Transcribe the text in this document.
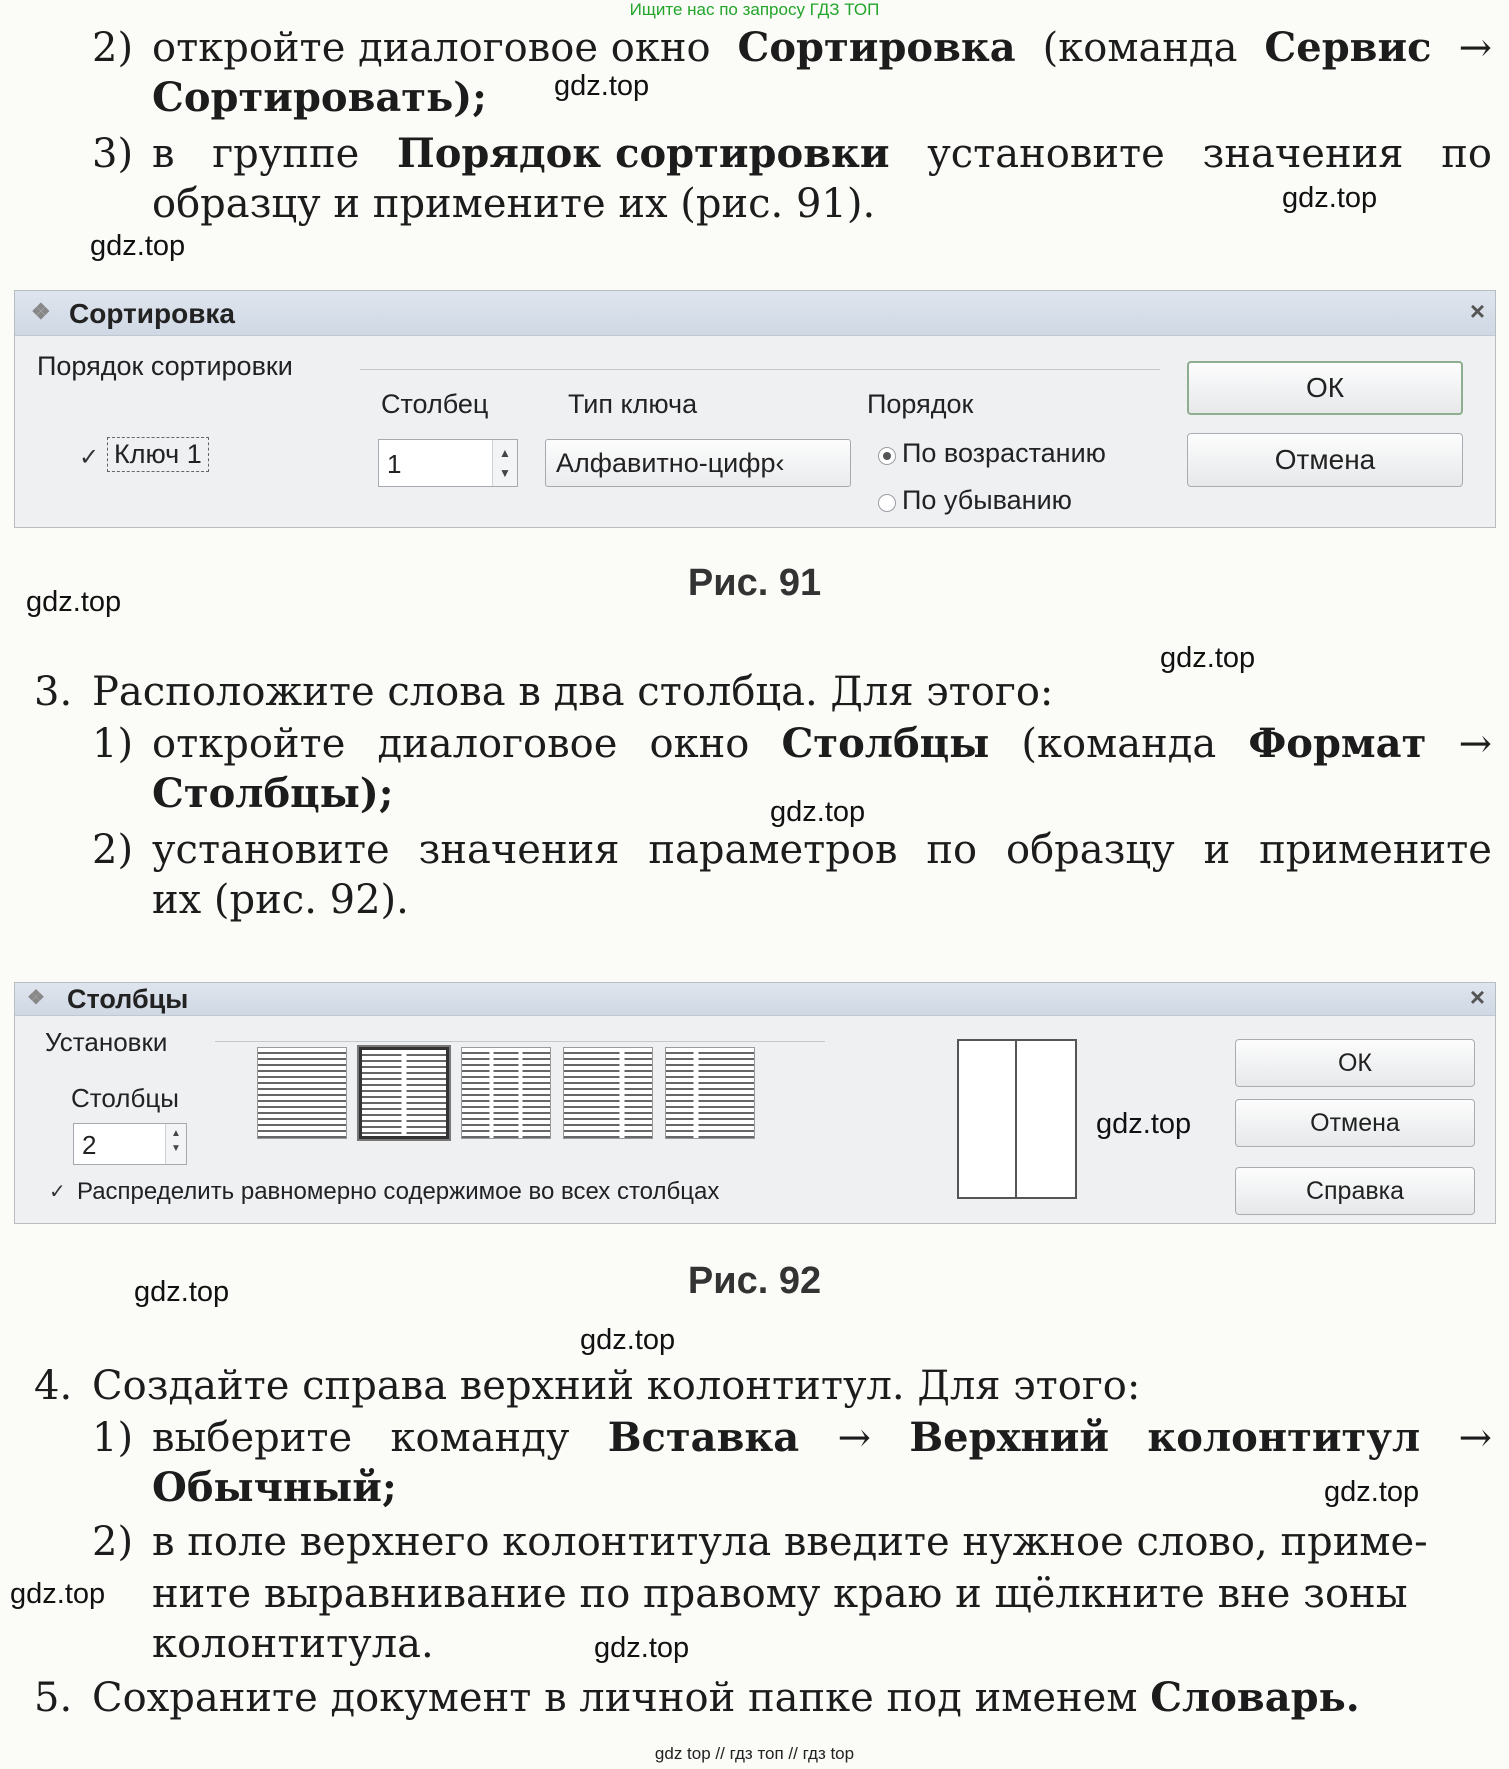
Ищите нас по запросу ГДЗ ТОП
gdz top // гдз топ // гдз top
2) откройте диалоговое окно Сортировка (команда Сервис →
Сортировать);
3) в группе Порядок сортировки установите значения по
образцу и примените их (рис. 91).
❖ Сортировка	×
Порядок сортировки
Столбец	Тип ключа	Порядок
✓ Ключ 1	1	▲
▼ Алфавитно-цифр‹	По возрастанию
По убыванию
ОК
Отмена
Рис. 91
3. Расположите слова в два столбца. Для этого:
1) откройте диалоговое окно Столбцы (команда Формат →
Столбцы);
2) установите значения параметров по образцу и примените
их (рис. 92).
❖ Столбцы	×
Установки
Столбцы
2	▲
▼
✓ Распределить равномерно содержимое во всех столбцах
ОК
Отмена
Справка
Рис. 92
4. Создайте справа верхний колонтитул. Для этого:
1) выберите команду Вставка → Верхний колонтитул →
Обычный;
2) в поле верхнего колонтитула введите нужное слово, приме-
ните выравнивание по правому краю и щёлкните вне зоны
колонтитула.
5. Сохраните документ в личной папке под именем Словарь.
gdz.top
gdz.top
gdz.top
gdz.top
gdz.top
gdz.top
gdz.top
gdz.top
gdz.top
gdz.top
gdz.top
gdz.top
